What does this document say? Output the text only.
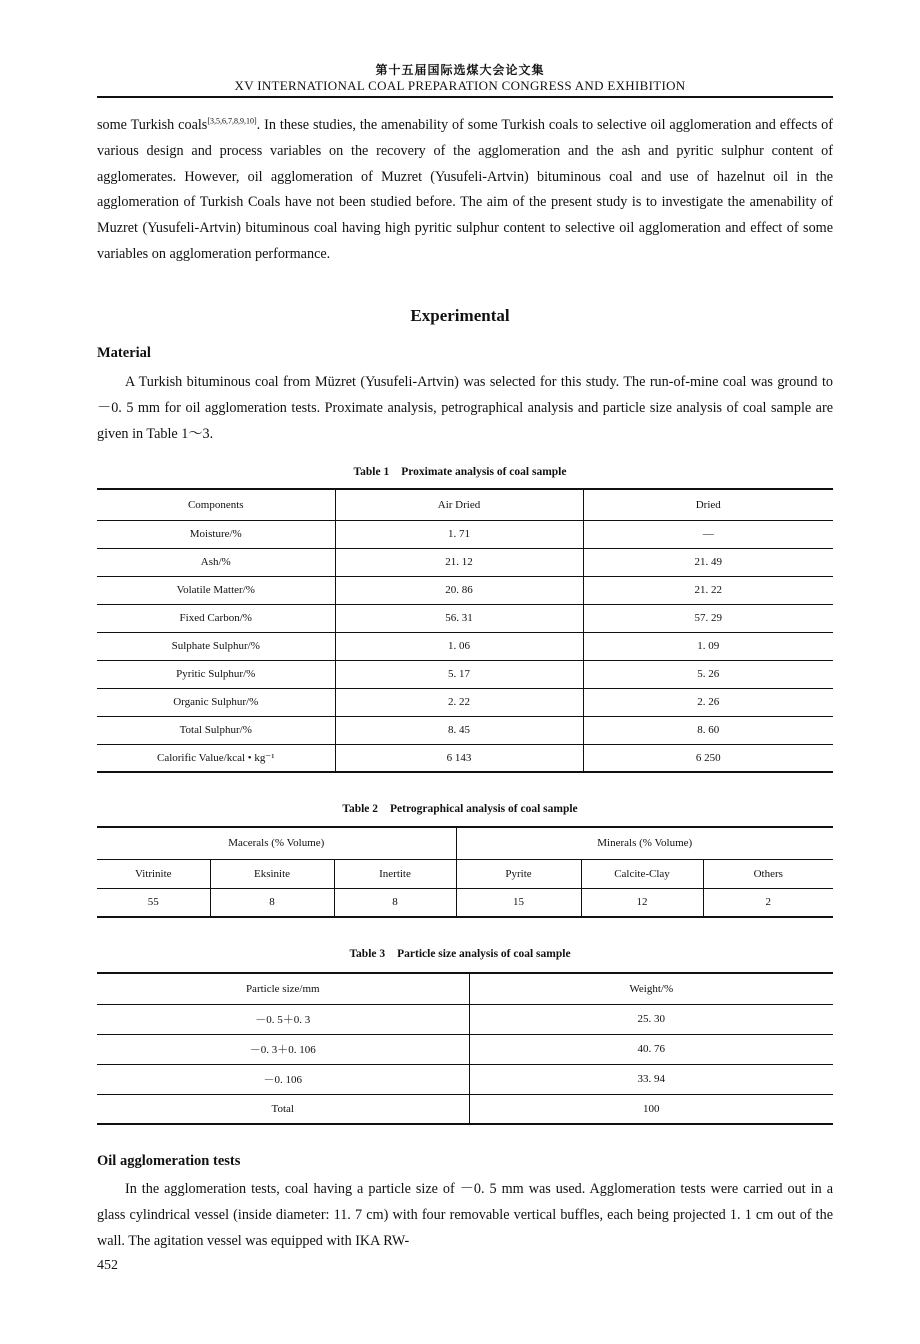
第十五届国际选煤大会论文集
XV INTERNATIONAL COAL PREPARATION CONGRESS AND EXHIBITION

some Turkish coals[3,5,6,7,8,9,10]. In these studies, the amenability of some Turkish coals to selective oil agglomeration and effects of various design and process variables on the recovery of the agglomeration and the ash and pyritic sulphur content of agglomerates. However, oil agglomeration of Muzret (Yusufeli-Artvin) bituminous coal and use of hazelnut oil in the agglomeration of Turkish Coals have not been studied before. The aim of the present study is to investigate the amenability of Muzret (Yusufeli-Artvin) bituminous coal having high pyritic sulphur content to selective oil agglomeration and effect of some variables on agglomeration performance.

Experimental
Material

A Turkish bituminous coal from Müzret (Yusufeli-Artvin) was selected for this study. The run-of-mine coal was ground to －0. 5 mm for oil agglomeration tests. Proximate analysis, petrographical analysis and particle size analysis of coal sample are given in Table 1～3.

Table 1 Proximate analysis of coal sample
Components	Air Dried	Dried
Moisture/%	1. 71	—
Ash/%	21. 12	21. 49
Volatile Matter/%	20. 86	21. 22
Fixed Carbon/%	56. 31	57. 29
Sulphate Sulphur/%	1. 06	1. 09
Pyritic Sulphur/%	5. 17	5. 26
Organic Sulphur/%	2. 22	2. 26
Total Sulphur/%	8. 45	8. 60
Calorific Value/kcal • kg⁻¹	6 143	6 250
Table 2 Petrographical analysis of coal sample
Macerals (% Volume)			Minerals (% Volume)		
Vitrinite	Eksinite	Inertite	Pyrite	Calcite-Clay	Others
55	8	8	15	12	2
Table 3 Particle size analysis of coal sample
Particle size/mm	Weight/%
－0. 5＋0. 3	25. 30
－0. 3＋0. 106	40. 76
－0. 106	33. 94
Total	100
Oil agglomeration tests

In the agglomeration tests, coal having a particle size of －0. 5 mm was used. Agglomeration tests were carried out in a glass cylindrical vessel (inside diameter: 11. 7 cm) with four removable vertical buffles, each being projected 1. 1 cm out of the wall. The agitation vessel was equipped with IKA RW-

452
